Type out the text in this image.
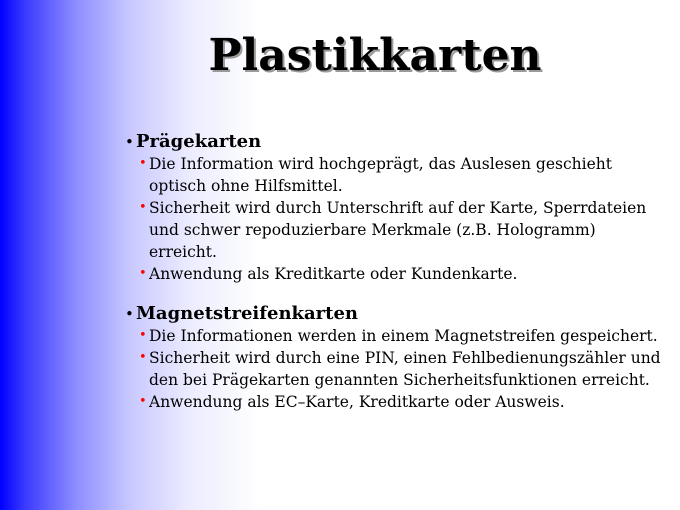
Plastikkarten
• Prägekarten
• Die Information wird hochgeprägt, das Auslesen geschieht optisch ohne Hilfsmittel.
• Sicherheit wird durch Unterschrift auf der Karte, Sperrdateien und schwer repoduzierbare Merkmale (z.B. Hologramm) erreicht.
• Anwendung als Kreditkarte oder Kundenkarte.
• Magnetstreifenkarten
• Die Informationen werden in einem Magnetstreifen gespeichert.
• Sicherheit wird durch eine PIN, einen Fehlbedienungszähler und den bei Prägekarten genannten Sicherheitsfunktionen erreicht.
• Anwendung als EC–Karte, Kreditkarte oder Ausweis.
